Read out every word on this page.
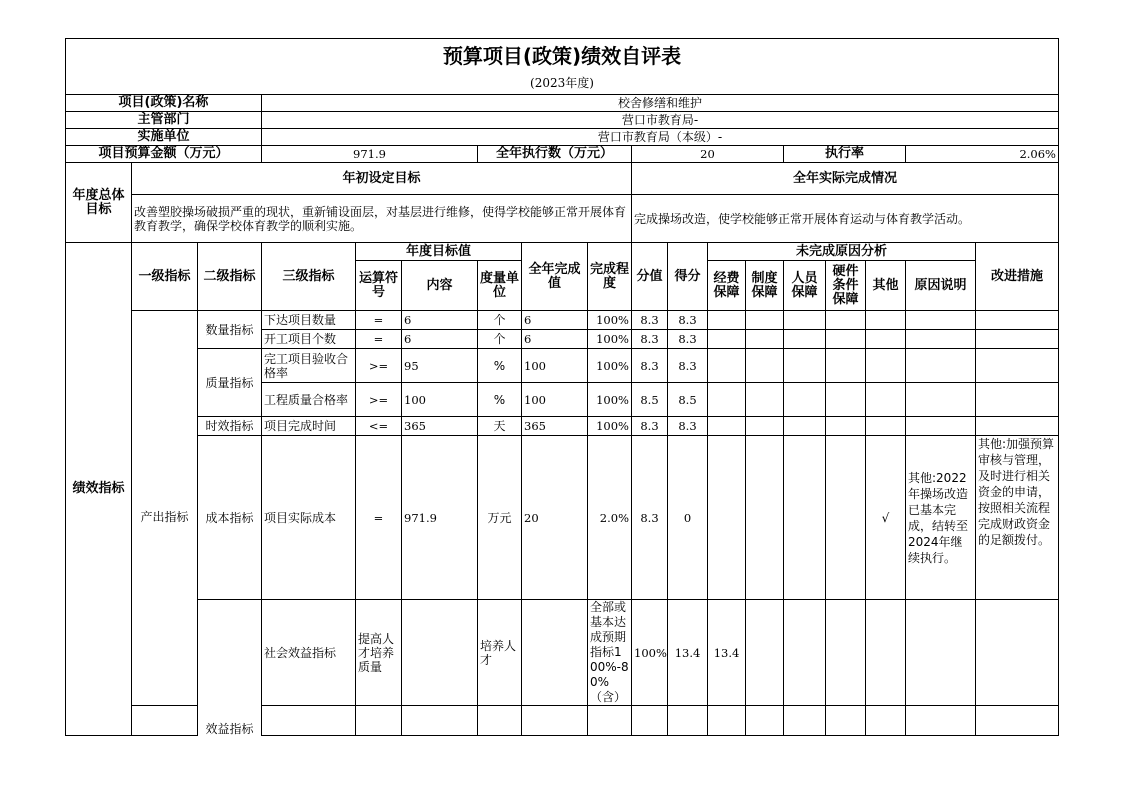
预算项目(政策)绩效自评表																		
(2023年度)																		
项目(政策)名称			校舍修缮和维护															
主管部门			营口市教育局-															
实施单位			营口市教育局（本级）-															
项目预算金额（万元）			971.9			全年执行数（万元）			20				执行率			2.06%		
年度总体目标	年初设定目标								全年实际完成情况									
	改善塑胶操场破损严重的现状，重新铺设面层，对基层进行维修，使得学校能够正常开展体育教育教学，确保学校体育教学的顺利实施。								完成操场改造，使学校能够正常开展体育运动与体育教学活动。									
绩效指标	一级指标	二级指标	三级指标	年度目标值			全年完成值	完成程度	分值	得分	未完成原因分析						改进措施	
				运算符号	内容	度量单位					经费保障	制度保障	人员保障	硬件条件保障	其他	原因说明		

		数量指标	下达项目数量	=	6	个	6	100%	8.3	8.3								
	产出指标		开工项目个数	=	6	个	6	100%	8.3	8.3								
		质量指标	完工项目验收合格率	>=	95	%	100	100%	8.3	8.3								
			工程质量合格率	>=	100	%	100	100%	8.5	8.5								
		时效指标	项目完成时间	<=	365	天	365	100%	8.3	8.3								
		成本指标	项目实际成本	=	971.9	万元	20	2.0%	8.3	0					√	其他:2022年操场改造已基本完成，结转至2024年继续执行。	其他:加强预算审核与管理，及时进行相关资金的申请，按照相关流程完成财政资金的足额拨付。	
		效益指标	社会效益指标	提高人才培养质量		培养人才		全部或基本达成预期指标100%-80%（含）	100%	13.4	13.4							
